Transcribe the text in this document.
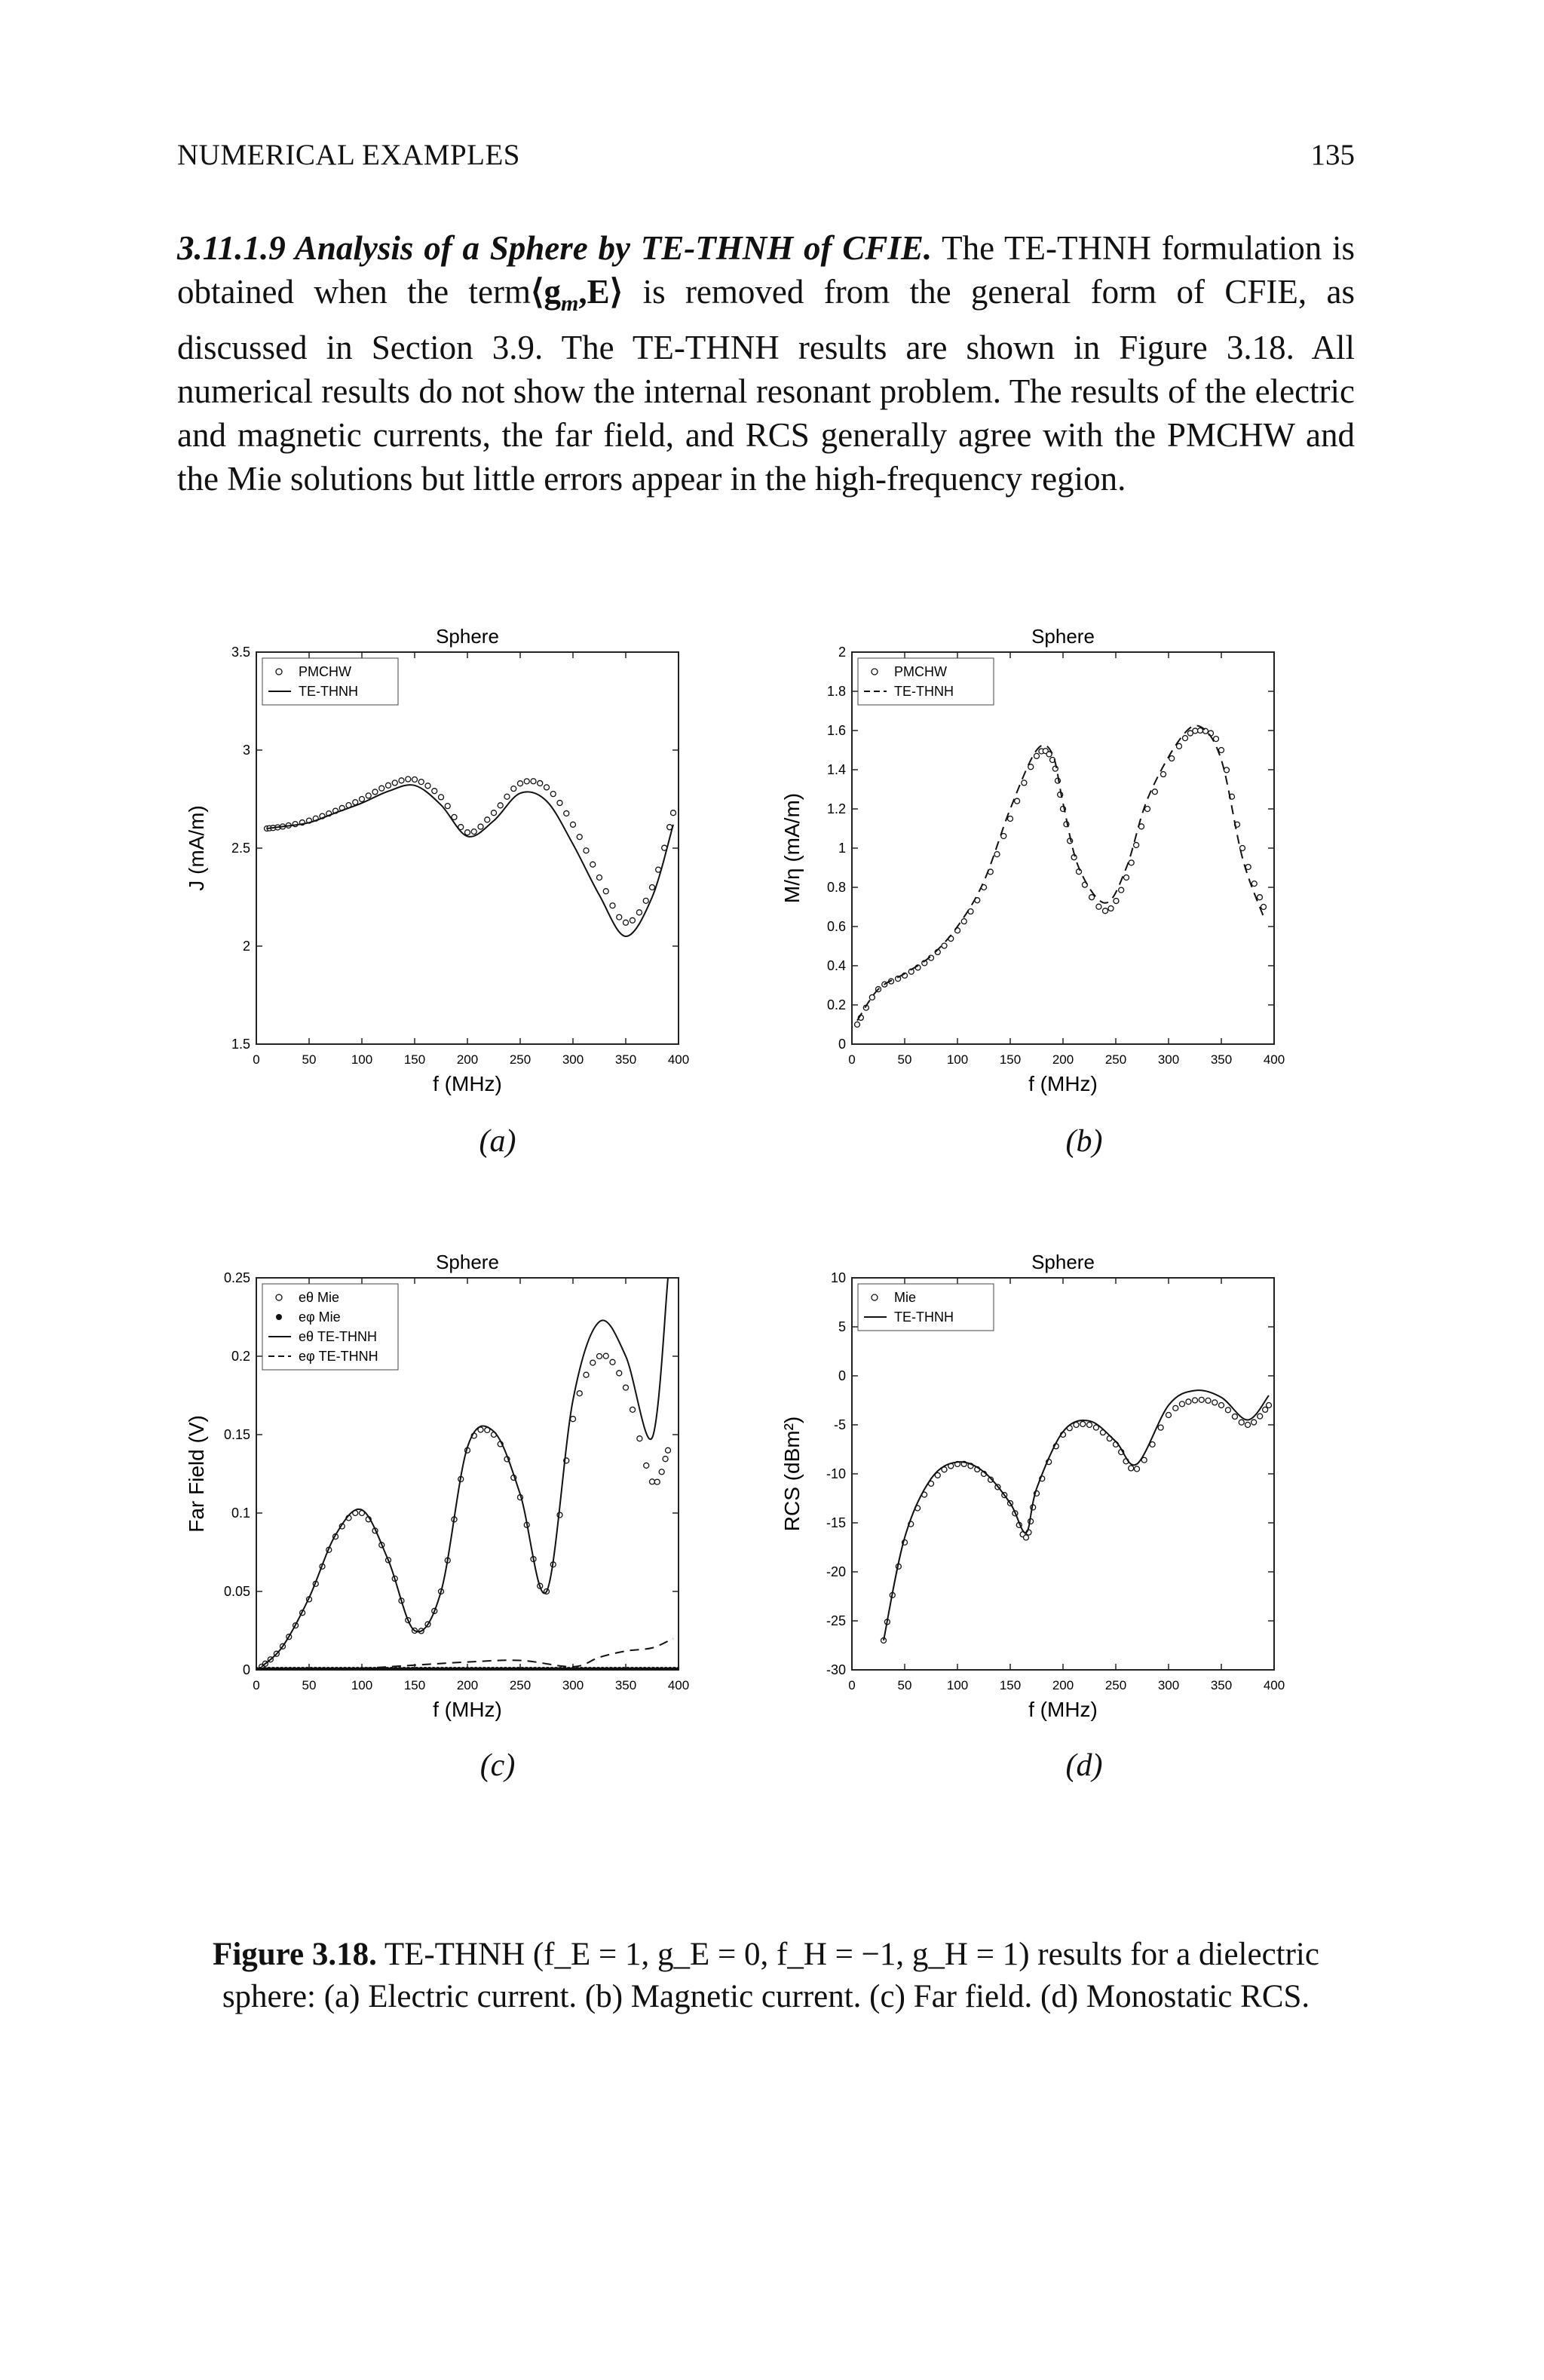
NUMERICAL EXAMPLES	135
3.11.1.9 Analysis of a Sphere by TE-THNH of CFIE. The TE-THNH formulation is obtained when the $term⟨g_m,E⟩$ is removed from the general form of CFIE, as discussed in Section 3.9. The TE-THNH results are shown in Figure 3.18. All numerical results do not show the internal resonant problem. The results of the electric and magnetic currents, the far field, and RCS generally agree with the PMCHW and the Mie solutions but little errors appear in the high-frequency region.
Sphere
0	50	100 150 200 250 300 350 400
1.5
2
2.5
3
3.5
f (MHz)
J (mA/m)
PMCHW
TE-THNH
Sphere
0	50	100 150 200 250 300 350 400
0
0.2
0.4
0.6
0.8
1
1.2
1.4
1.6
1.8
2
f (MHz)
M/η (mA/m)
PMCHW
TE-THNH
Sphere
0	50	100 150 200 250 300 350 400
0
0.05
0.1
0.15
0.2
0.25
f (MHz)
Far Field (V)
eθ Mie
eφ Mie
eθ TE-THNH
eφ TE-THNH
Sphere
0	50	100 150 200 250 300 350 400
-30
-25
-20
-15
-10
-5
0
5
10
f (MHz)
RCS (dBm²)
Mie
TE-THNH
(a)	(b)
(c)	(d)
Figure 3.18. TE-THNH (f_E = 1, g_E = 0, f_H = −1, g_H = 1) results for a dielectric sphere: (a) Electric current. (b) Magnetic current. (c) Far field. (d) Monostatic RCS.
